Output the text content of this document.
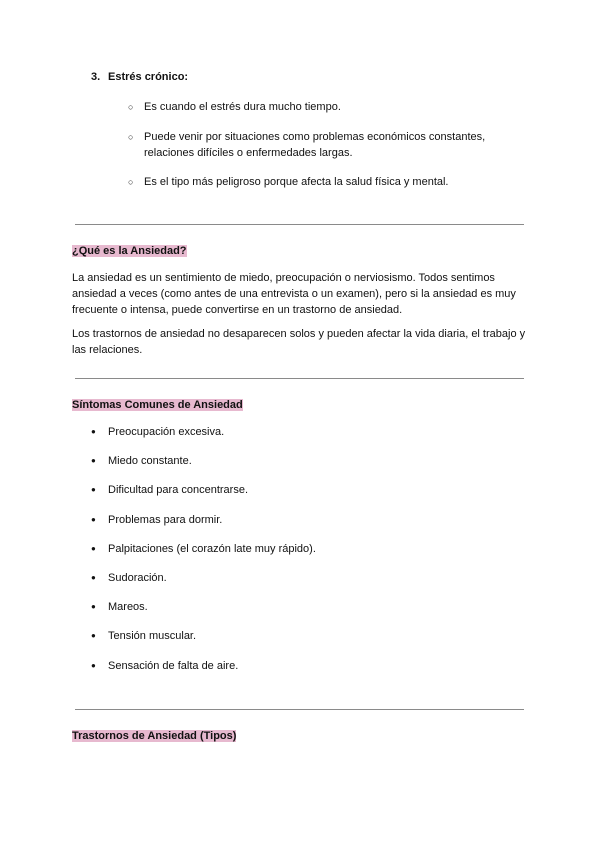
3. Estrés crónico:
○ Es cuando el estrés dura mucho tiempo.
○ Puede venir por situaciones como problemas económicos constantes, relaciones difíciles o enfermedades largas.
○ Es el tipo más peligroso porque afecta la salud física y mental.
¿Qué es la Ansiedad?
La ansiedad es un sentimiento de miedo, preocupación o nerviosismo. Todos sentimos ansiedad a veces (como antes de una entrevista o un examen), pero si la ansiedad es muy frecuente o intensa, puede convertirse en un trastorno de ansiedad.
Los trastornos de ansiedad no desaparecen solos y pueden afectar la vida diaria, el trabajo y las relaciones.
Síntomas Comunes de Ansiedad
● Preocupación excesiva.
● Miedo constante.
● Dificultad para concentrarse.
● Problemas para dormir.
● Palpitaciones (el corazón late muy rápido).
● Sudoración.
● Mareos.
● Tensión muscular.
● Sensación de falta de aire.
Trastornos de Ansiedad (Tipos)
